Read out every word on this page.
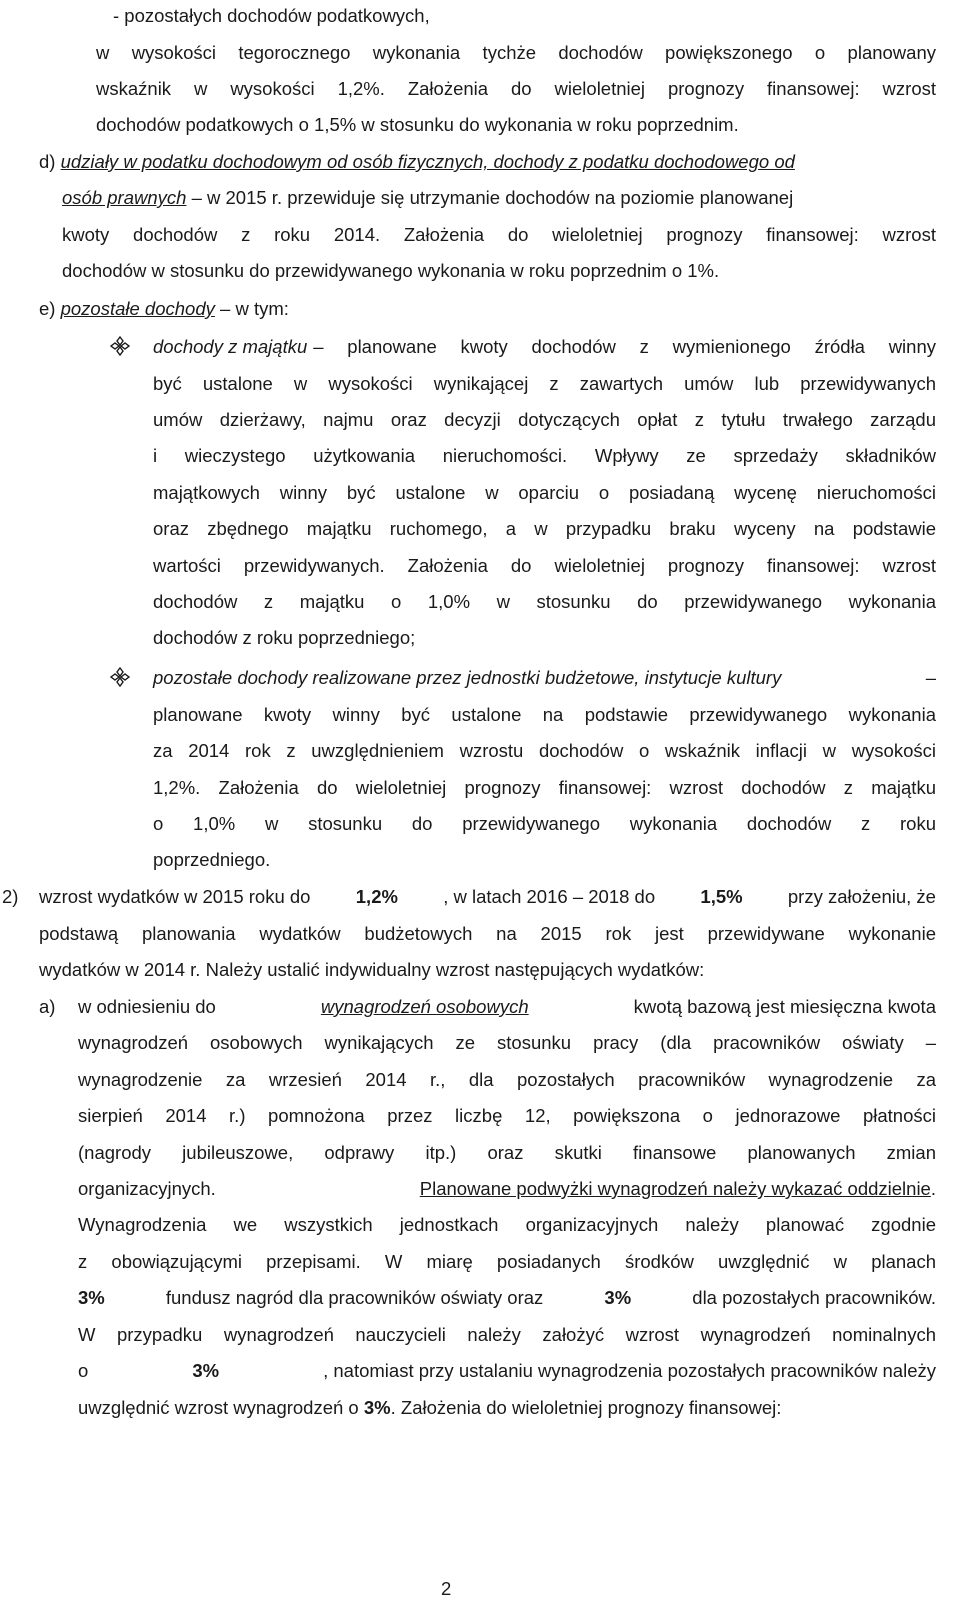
- pozostałych dochodów podatkowych,
w wysokości tegorocznego wykonania tychże dochodów powiększonego o planowany
wskaźnik w wysokości 1,2%. Założenia do wieloletniej prognozy finansowej: wzrost
dochodów podatkowych o 1,5% w stosunku do wykonania w roku poprzednim.
d) udziały w podatku dochodowym od osób fizycznych, dochody z podatku dochodowego od
osób prawnych – w 2015 r. przewiduje się utrzymanie dochodów na poziomie planowanej
kwoty dochodów z roku 2014. Założenia do wieloletniej prognozy finansowej: wzrost
dochodów w stosunku do przewidywanego wykonania w roku poprzednim o 1%.
e) pozostałe dochody – w tym:
dochody z majątku – planowane kwoty dochodów z wymienionego źródła winny
być ustalone w wysokości wynikającej z zawartych umów lub przewidywanych
umów dzierżawy, najmu oraz decyzji dotyczących opłat z tytułu trwałego zarządu
i wieczystego użytkowania nieruchomości. Wpływy ze sprzedaży składników
majątkowych winny być ustalone w oparciu o posiadaną wycenę nieruchomości
oraz zbędnego majątku ruchomego, a w przypadku braku wyceny na podstawie
wartości przewidywanych. Założenia do wieloletniej prognozy finansowej: wzrost
dochodów z majątku o 1,0% w stosunku do przewidywanego wykonania
dochodów z roku poprzedniego;
pozostałe dochody realizowane przez jednostki budżetowe, instytucje kultury	–
planowane kwoty winny być ustalone na podstawie przewidywanego wykonania
za 2014 rok z uwzględnieniem wzrostu dochodów o wskaźnik inflacji w wysokości
1,2%. Założenia do wieloletniej prognozy finansowej: wzrost dochodów z majątku
o 1,0% w stosunku do przewidywanego wykonania dochodów z roku
poprzedniego.
2) wzrost wydatków w 2015 roku do 1,2% , w latach 2016 – 2018 do 1,5% przy założeniu, że
podstawą planowania wydatków budżetowych na 2015 rok jest przewidywane wykonanie
wydatków w 2014 r. Należy ustalić indywidualny wzrost następujących wydatków:
a) w odniesieniu do	wynagrodzeń osobowych	kwotą bazową jest miesięczna kwota
wynagrodzeń osobowych wynikających ze stosunku pracy (dla pracowników oświaty –
wynagrodzenie za wrzesień 2014 r., dla pozostałych pracowników wynagrodzenie za
sierpień 2014 r.) pomnożona przez liczbę 12, powiększona o jednorazowe płatności
(nagrody jubileuszowe, odprawy itp.) oraz skutki finansowe planowanych zmian
organizacyjnych.	Planowane podwyżki wynagrodzeń należy wykazać oddzielnie .
Wynagrodzenia we wszystkich jednostkach organizacyjnych należy planować zgodnie
z obowiązującymi przepisami. W miarę posiadanych środków uwzględnić w planach
3%	fundusz nagród dla pracowników oświaty oraz	3%	dla pozostałych pracowników.
W przypadku wynagrodzeń nauczycieli należy założyć wzrost wynagrodzeń nominalnych
o	3%	, natomiast przy ustalaniu wynagrodzenia pozostałych pracowników należy
uwzględnić wzrost wynagrodzeń o 3%. Założenia do wieloletniej prognozy finansowej:
2
